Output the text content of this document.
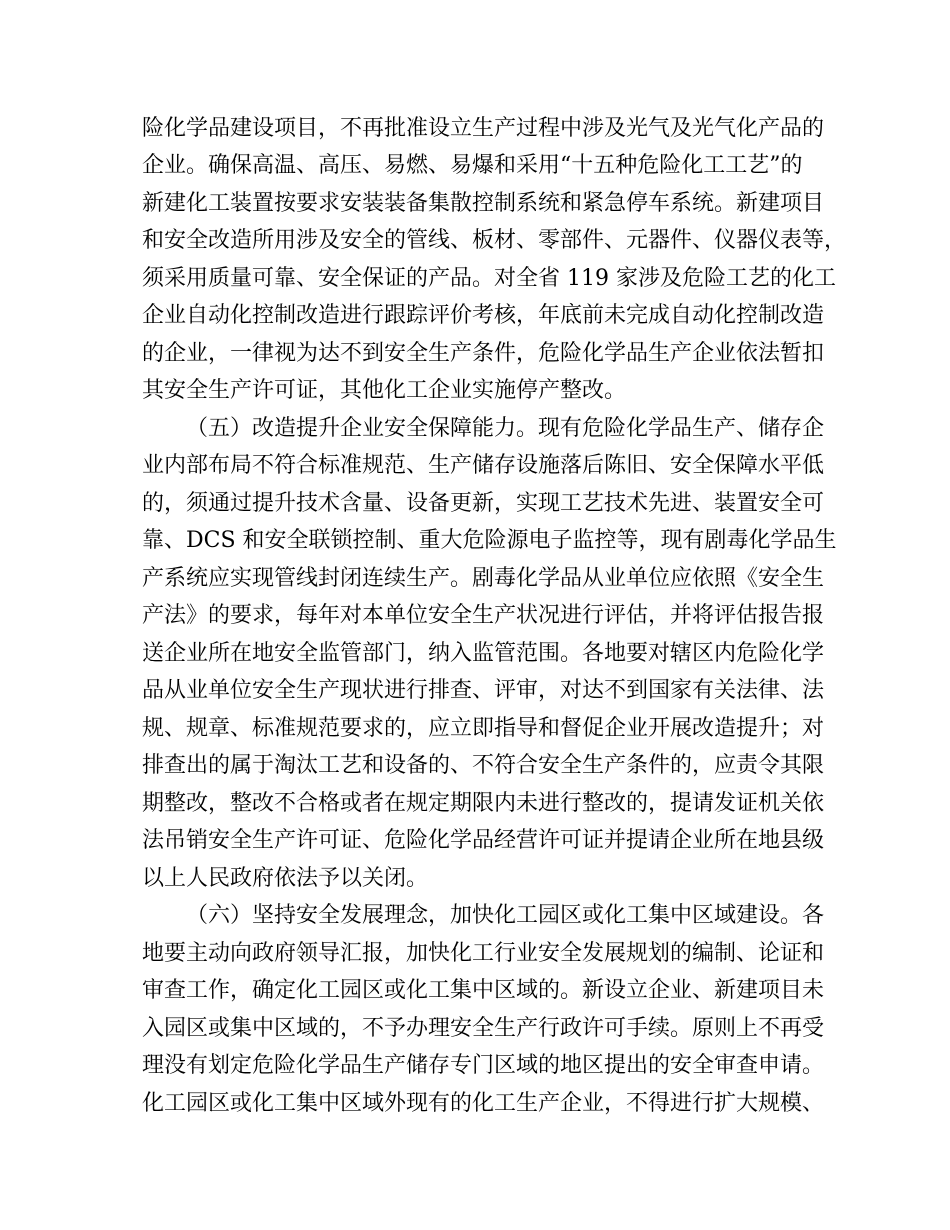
险化学品建设项目，不再批准设立生产过程中涉及光气及光气化产品的
企业。确保高温、高压、易燃、易爆和采用“十五种危险化工工艺”的
新建化工装置按要求安装装备集散控制系统和紧急停车系统。新建项目
和安全改造所用涉及安全的管线、板材、零部件、元器件、仪器仪表等，
须采用质量可靠、安全保证的产品。对全省 119 家涉及危险工艺的化工
企业自动化控制改造进行跟踪评价考核，年底前未完成自动化控制改造
的企业，一律视为达不到安全生产条件，危险化学品生产企业依法暂扣
其安全生产许可证，其他化工企业实施停产整改。
（五）改造提升企业安全保障能力。现有危险化学品生产、储存企
业内部布局不符合标准规范、生产储存设施落后陈旧、安全保障水平低
的，须通过提升技术含量、设备更新，实现工艺技术先进、装置安全可
靠、DCS 和安全联锁控制、重大危险源电子监控等，现有剧毒化学品生
产系统应实现管线封闭连续生产。剧毒化学品从业单位应依照《安全生
产法》的要求，每年对本单位安全生产状况进行评估，并将评估报告报
送企业所在地安全监管部门，纳入监管范围。各地要对辖区内危险化学
品从业单位安全生产现状进行排查、评审，对达不到国家有关法律、法
规、规章、标准规范要求的，应立即指导和督促企业开展改造提升；对
排查出的属于淘汰工艺和设备的、不符合安全生产条件的，应责令其限
期整改，整改不合格或者在规定期限内未进行整改的，提请发证机关依
法吊销安全生产许可证、危险化学品经营许可证并提请企业所在地县级
以上人民政府依法予以关闭。
（六）坚持安全发展理念，加快化工园区或化工集中区域建设。各
地要主动向政府领导汇报，加快化工行业安全发展规划的编制、论证和
审查工作，确定化工园区或化工集中区域的。新设立企业、新建项目未
入园区或集中区域的，不予办理安全生产行政许可手续。原则上不再受
理没有划定危险化学品生产储存专门区域的地区提出的安全审查申请。
化工园区或化工集中区域外现有的化工生产企业，不得进行扩大规模、
